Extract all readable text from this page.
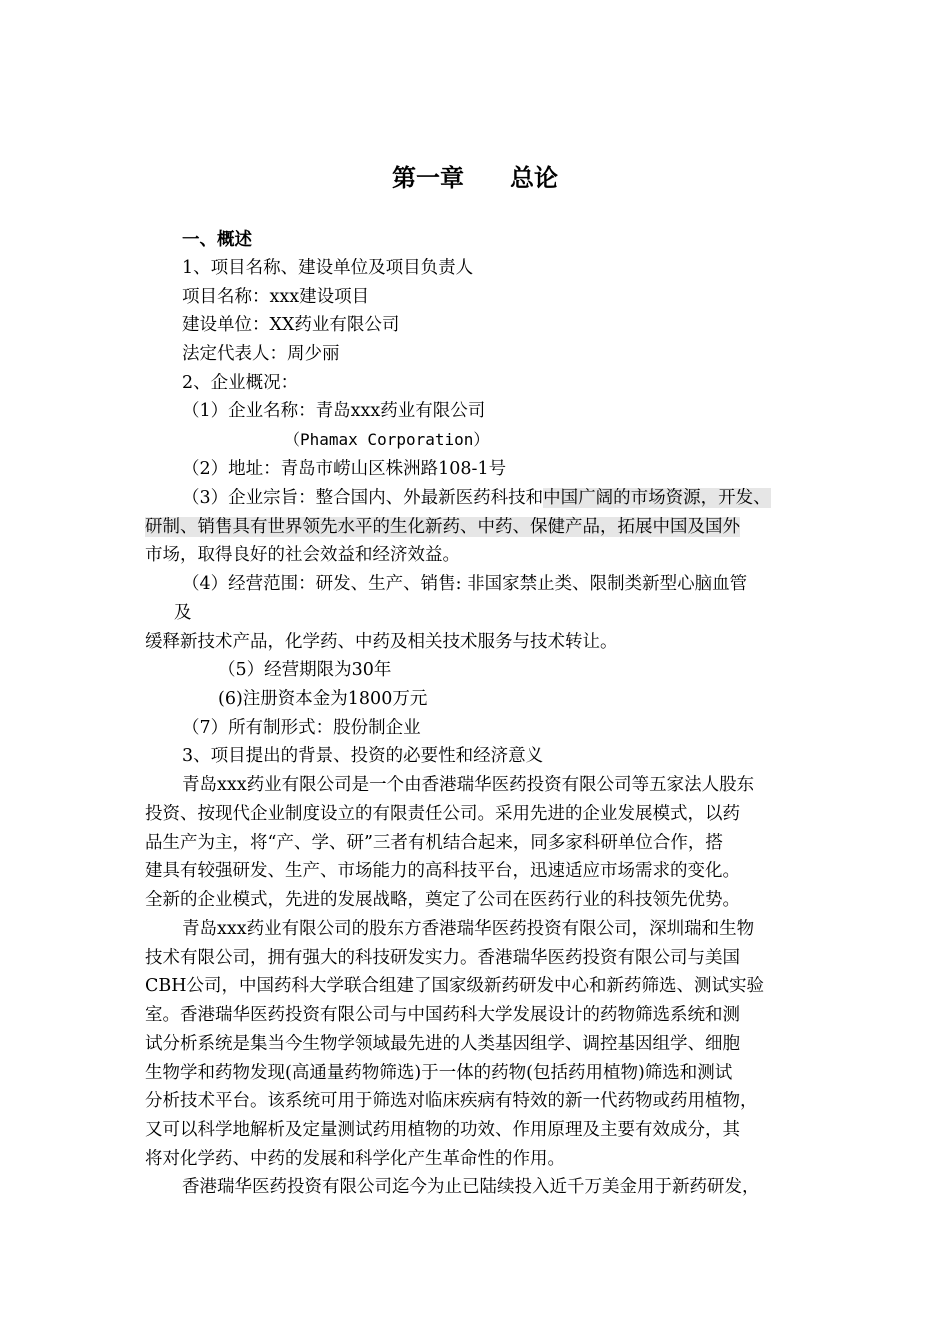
第一章 总论
一、概述
1、项目名称、建设单位及项目负责人
项目名称：xxx建设项目
建设单位：XX药业有限公司
法定代表人：周少丽
2、企业概况：
（1）企业名称：青岛xxx药业有限公司
（Phamax Corporation）
（2）地址：青岛市崂山区株洲路108-1号
（3）企业宗旨：整合国内、外最新医药科技和中国广阔的市场资源，开发、
研制、销售具有世界领先水平的生化新药、中药、保健产品，拓展中国及国外
市场，取得良好的社会效益和经济效益。
（4）经营范围：研发、生产、销售: 非国家禁止类、限制类新型心脑血管
及
缓释新技术产品，化学药、中药及相关技术服务与技术转让。
（5）经营期限为30年
(6)注册资本金为1800万元
（7）所有制形式：股份制企业
3、项目提出的背景、投资的必要性和经济意义
青岛xxx药业有限公司是一个由香港瑞华医药投资有限公司等五家法人股东
投资、按现代企业制度设立的有限责任公司。采用先进的企业发展模式，以药
品生产为主，将“产、学、研”三者有机结合起来，同多家科研单位合作，搭
建具有较强研发、生产、市场能力的高科技平台，迅速适应市场需求的变化。
全新的企业模式，先进的发展战略，奠定了公司在医药行业的科技领先优势。
青岛xxx药业有限公司的股东方香港瑞华医药投资有限公司，深圳瑞和生物
技术有限公司，拥有强大的科技研发实力。香港瑞华医药投资有限公司与美国
CBH公司，中国药科大学联合组建了国家级新药研发中心和新药筛选、测试实验
室。香港瑞华医药投资有限公司与中国药科大学发展设计的药物筛选系统和测
试分析系统是集当今生物学领域最先进的人类基因组学、调控基因组学、细胞
生物学和药物发现(高通量药物筛选)于一体的药物(包括药用植物)筛选和测试
分析技术平台。该系统可用于筛选对临床疾病有特效的新一代药物或药用植物，
又可以科学地解析及定量测试药用植物的功效、作用原理及主要有效成分，其
将对化学药、中药的发展和科学化产生革命性的作用。
香港瑞华医药投资有限公司迄今为止已陆续投入近千万美金用于新药研发，
